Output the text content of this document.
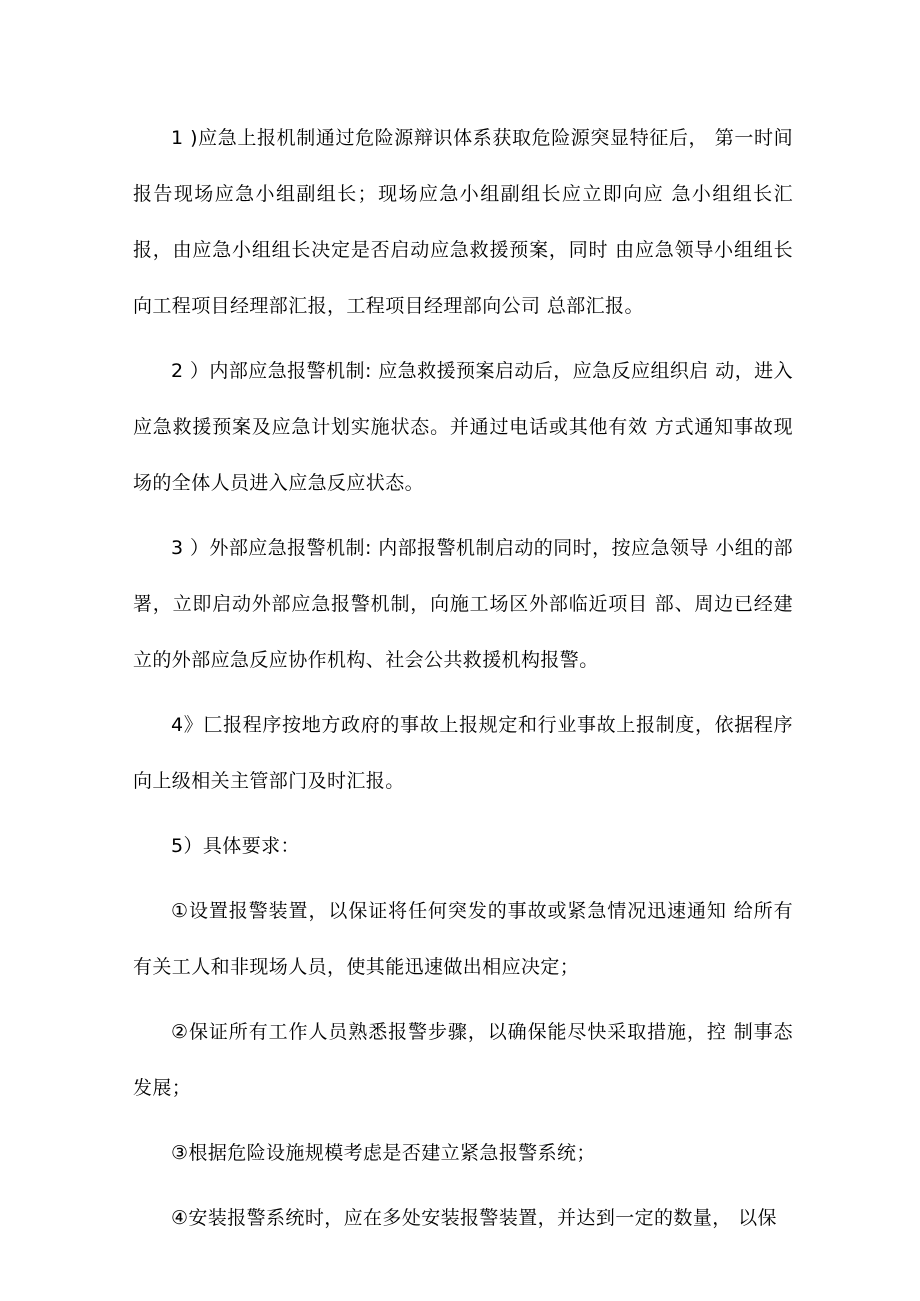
1 )应急上报机制通过危险源辩识体系获取危险源突显特征后， 第一时间报告现场应急小组副组长；现场应急小组副组长应立即向应 急小组组长汇报，由应急小组组长决定是否启动应急救援预案，同时 由应急领导小组组长向工程项目经理部汇报，工程项目经理部向公司 总部汇报。

2 ）内部应急报警机制: 应急救援预案启动后，应急反应组织启 动，进入应急救援预案及应急计划实施状态。并通过电话或其他有效 方式通知事故现场的全体人员进入应急反应状态。

3 ）外部应急报警机制: 内部报警机制启动的同时，按应急领导 小组的部署，立即启动外部应急报警机制，向施工场区外部临近项目 部、周边已经建立的外部应急反应协作机构、社会公共救援机构报警。

4》匚报程序按地方政府的事故上报规定和行业事故上报制度，依据程序向上级相关主管部门及时汇报。

5）具体要求：

①设置报警装置，以保证将任何突发的事故或紧急情况迅速通知 给所有有关工人和非现场人员，使其能迅速做出相应决定；

②保证所有工作人员熟悉报警步骤，以确保能尽快采取措施，控 制事态发展；

③根据危险设施规模考虑是否建立紧急报警系统；

④安装报警系统时，应在多处安装报警装置，并达到一定的数量， 以保
